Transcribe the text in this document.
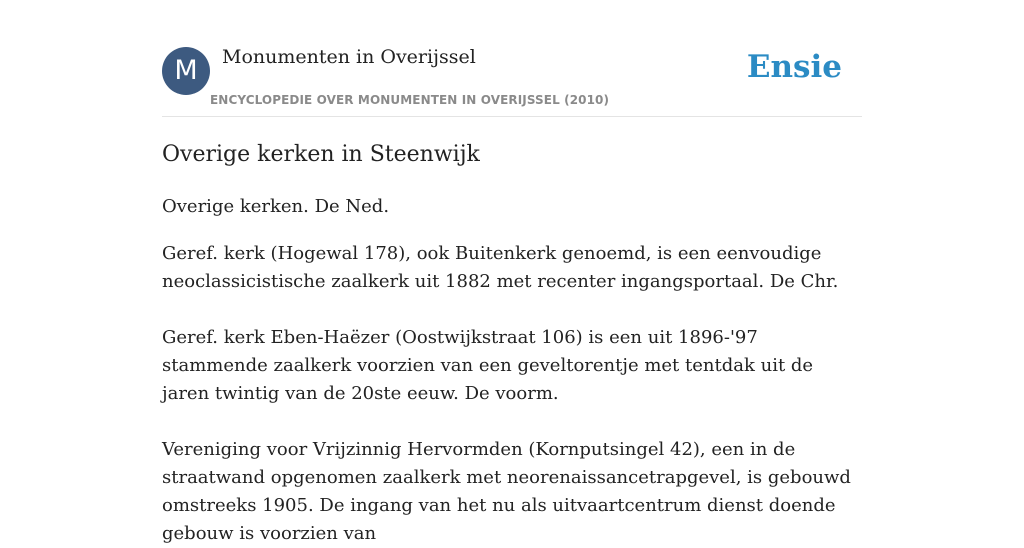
M	Monumenten in Overijssel
ENCYCLOPEDIE OVER MONUMENTEN IN OVERIJSSEL (2010)
Ensie
Overige kerken in Steenwijk

Overige kerken. De Ned.

Geref. kerk (Hogewal 178), ook Buitenkerk genoemd, is een eenvoudige neoclassicistische zaalkerk uit 1882 met recenter ingangsportaal. De Chr.

Geref. kerk Eben-Haëzer (Oostwijkstraat 106) is een uit 1896-'97 stammende zaalkerk voorzien van een geveltorentje met tentdak uit de jaren twintig van de 20ste eeuw. De voorm.

Vereniging voor Vrijzinnig Hervormden (Kornputsingel 42), een in de straatwand opgenomen zaalkerk met neorenaissancetrapgevel, is gebouwd omstreeks 1905. De ingang van het nu als uitvaartcentrum dienst doende gebouw is voorzien van
